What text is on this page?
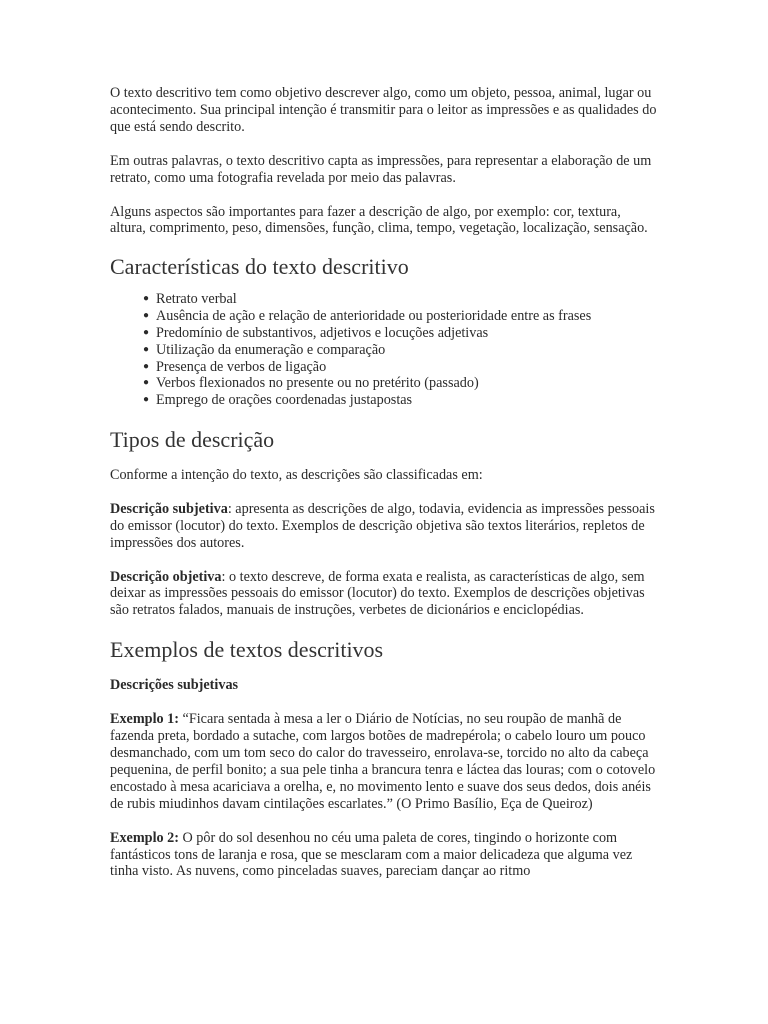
O texto descritivo tem como objetivo descrever algo, como um objeto, pessoa, animal, lugar ou acontecimento. Sua principal intenção é transmitir para o leitor as impressões e as qualidades do que está sendo descrito.

Em outras palavras, o texto descritivo capta as impressões, para representar a elaboração de um retrato, como uma fotografia revelada por meio das palavras.

Alguns aspectos são importantes para fazer a descrição de algo, por exemplo: cor, textura, altura, comprimento, peso, dimensões, função, clima, tempo, vegetação, localização, sensação.

Características do texto descritivo
● Retrato verbal
● Ausência de ação e relação de anterioridade ou posterioridade entre as frases
● Predomínio de substantivos, adjetivos e locuções adjetivas
● Utilização da enumeração e comparação
● Presença de verbos de ligação
● Verbos flexionados no presente ou no pretérito (passado)
● Emprego de orações coordenadas justapostas
Tipos de descrição

Conforme a intenção do texto, as descrições são classificadas em:

Descrição subjetiva: apresenta as descrições de algo, todavia, evidencia as impressões pessoais do emissor (locutor) do texto. Exemplos de descrição objetiva são textos literários, repletos de impressões dos autores.

Descrição objetiva: o texto descreve, de forma exata e realista, as características de algo, sem deixar as impressões pessoais do emissor (locutor) do texto. Exemplos de descrições objetivas são retratos falados, manuais de instruções, verbetes de dicionários e enciclopédias.

Exemplos de textos descritivos

Descrições subjetivas

Exemplo 1: “Ficara sentada à mesa a ler o Diário de Notícias, no seu roupão de manhã de fazenda preta, bordado a sutache, com largos botões de madrepérola; o cabelo louro um pouco desmanchado, com um tom seco do calor do travesseiro, enrolava-se, torcido no alto da cabeça pequenina, de perfil bonito; a sua pele tinha a brancura tenra e láctea das louras; com o cotovelo encostado à mesa acariciava a orelha, e, no movimento lento e suave dos seus dedos, dois anéis de rubis miudinhos davam cintilações escarlates.” (O Primo Basílio, Eça de Queiroz)

Exemplo 2: O pôr do sol desenhou no céu uma paleta de cores, tingindo o horizonte com fantásticos tons de laranja e rosa, que se mesclaram com a maior delicadeza que alguma vez tinha visto. As nuvens, como pinceladas suaves, pareciam dançar ao ritmo
